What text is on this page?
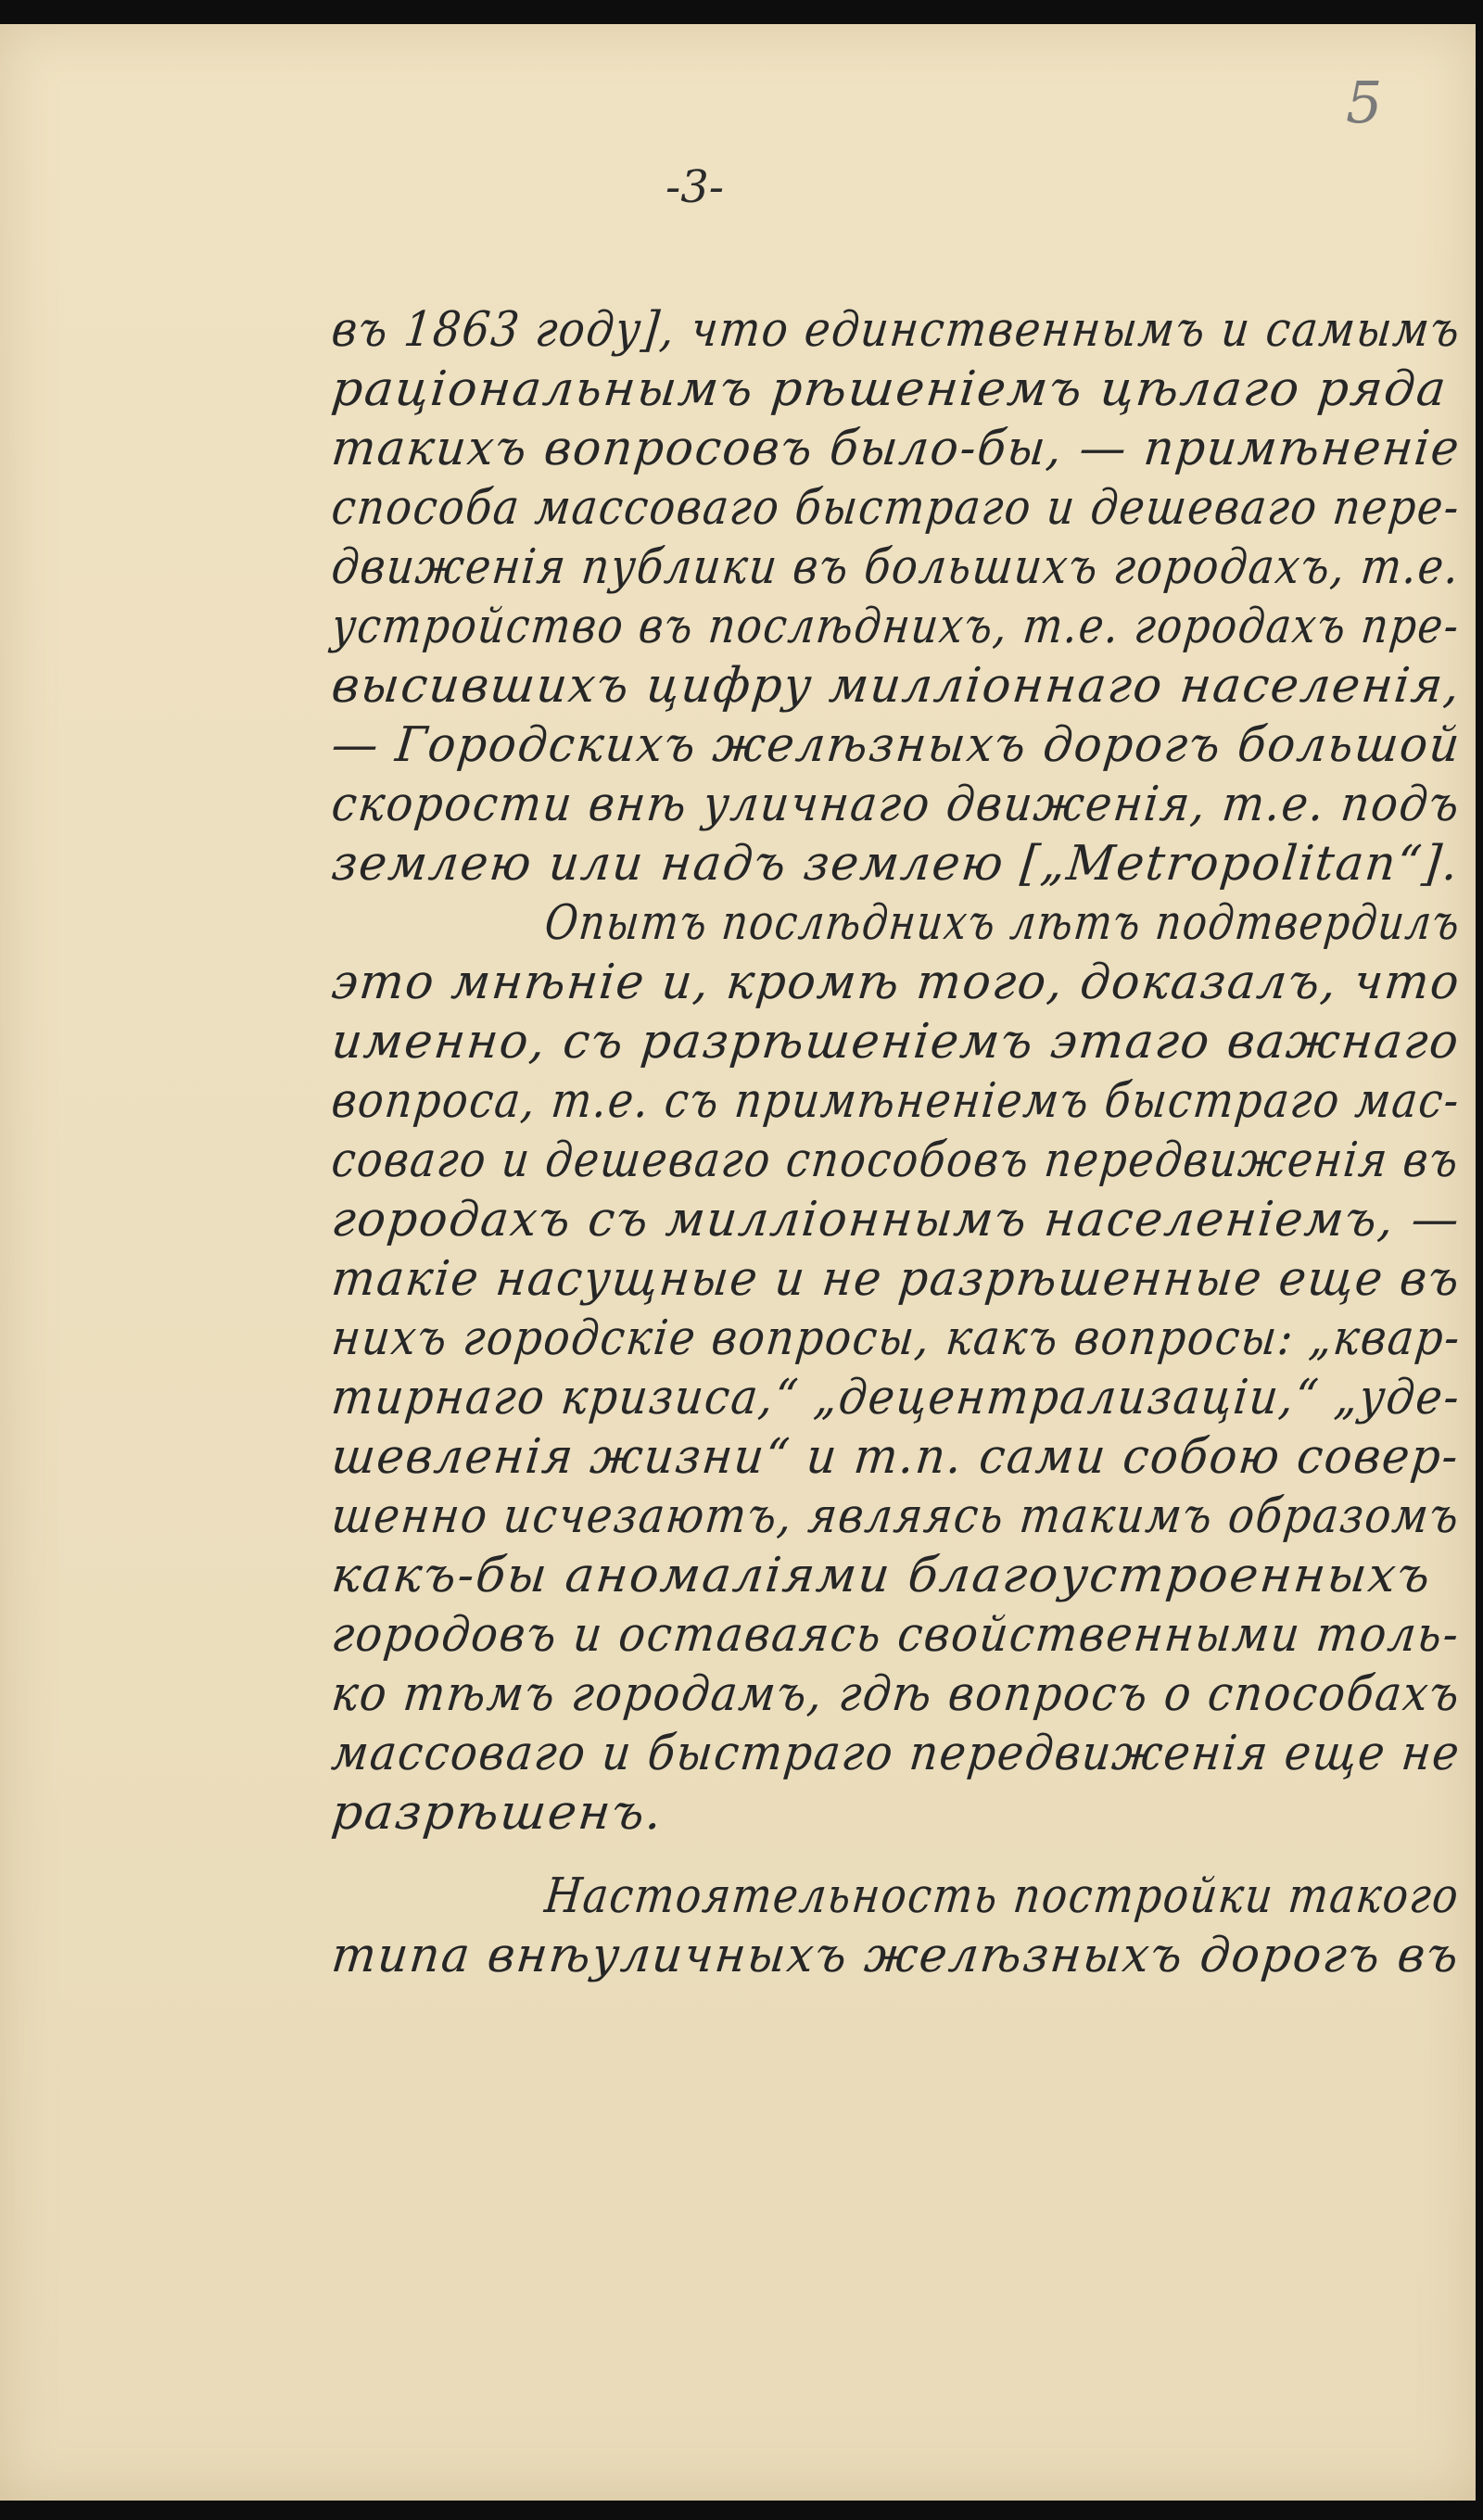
5
-3-
въ 1863 году], что единственнымъ и самымъ
раціональнымъ рѣшеніемъ цѣлаго ряда
такихъ вопросовъ было-бы, — примѣненіе
способа массоваго быстраго и дешеваго пере-
движенія публики въ большихъ городахъ, т.е.
устройство въ послѣднихъ, т.е. городахъ пре-
высившихъ цифру милліоннаго населенія,
— Городскихъ желѣзныхъ дорогъ большой
скорости внѣ уличнаго движенія, т.е. подъ
землею или надъ землею [„Metropolitan“].
Опытъ послѣднихъ лѣтъ подтвердилъ
это мнѣніе и, кромѣ того, доказалъ, что
именно, съ разрѣшеніемъ этаго важнаго
вопроса, т.е. съ примѣненіемъ быстраго мас-
соваго и дешеваго способовъ передвиженія въ
городахъ съ милліоннымъ населеніемъ, —
такіе насущные и не разрѣшенные еще въ
нихъ городскіе вопросы, какъ вопросы: „квар-
тирнаго кризиса,“ „децентрализаціи,“ „уде-
шевленія жизни“ и т.п. сами собою совер-
шенно исчезаютъ, являясь такимъ образомъ
какъ-бы аномаліями благоустроенныхъ
городовъ и оставаясь свойственными толь-
ко тѣмъ городамъ, гдѣ вопросъ о способахъ
массоваго и быстраго передвиженія еще не
разрѣшенъ.
Настоятельность постройки такого
типа внѣуличныхъ желѣзныхъ дорогъ въ
